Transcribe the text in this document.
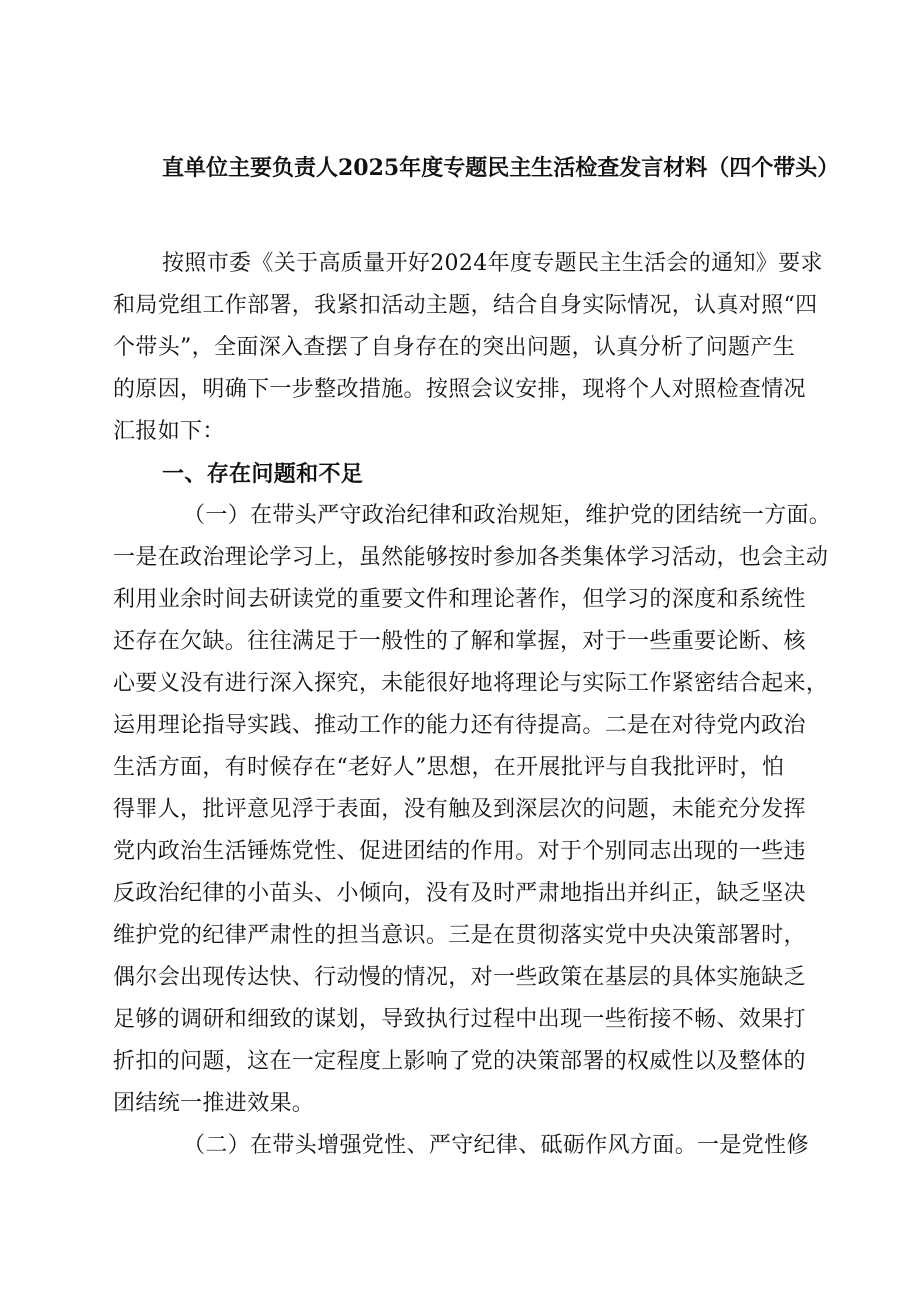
直单位主要负责人2025年度专题民主生活检查发言材料（四个带头）
按照市委《关于高质量开好2024年度专题民主生活会的通知》要求
和局党组工作部署，我紧扣活动主题，结合自身实际情况，认真对照“四
个带头”，全面深入查摆了自身存在的突出问题，认真分析了问题产生
的原因，明确下一步整改措施。按照会议安排，现将个人对照检查情况
汇报如下：
一、存在问题和不足
（一）在带头严守政治纪律和政治规矩，维护党的团结统一方面。
一是在政治理论学习上，虽然能够按时参加各类集体学习活动，也会主动
利用业余时间去研读党的重要文件和理论著作，但学习的深度和系统性
还存在欠缺。往往满足于一般性的了解和掌握，对于一些重要论断、核
心要义没有进行深入探究，未能很好地将理论与实际工作紧密结合起来，
运用理论指导实践、推动工作的能力还有待提高。二是在对待党内政治
生活方面，有时候存在“老好人”思想，在开展批评与自我批评时，怕
得罪人，批评意见浮于表面，没有触及到深层次的问题，未能充分发挥
党内政治生活锤炼党性、促进团结的作用。对于个别同志出现的一些违
反政治纪律的小苗头、小倾向，没有及时严肃地指出并纠正，缺乏坚决
维护党的纪律严肃性的担当意识。三是在贯彻落实党中央决策部署时，
偶尔会出现传达快、行动慢的情况，对一些政策在基层的具体实施缺乏
足够的调研和细致的谋划，导致执行过程中出现一些衔接不畅、效果打
折扣的问题，这在一定程度上影响了党的决策部署的权威性以及整体的
团结统一推进效果。
（二）在带头增强党性、严守纪律、砥砺作风方面。一是党性修
